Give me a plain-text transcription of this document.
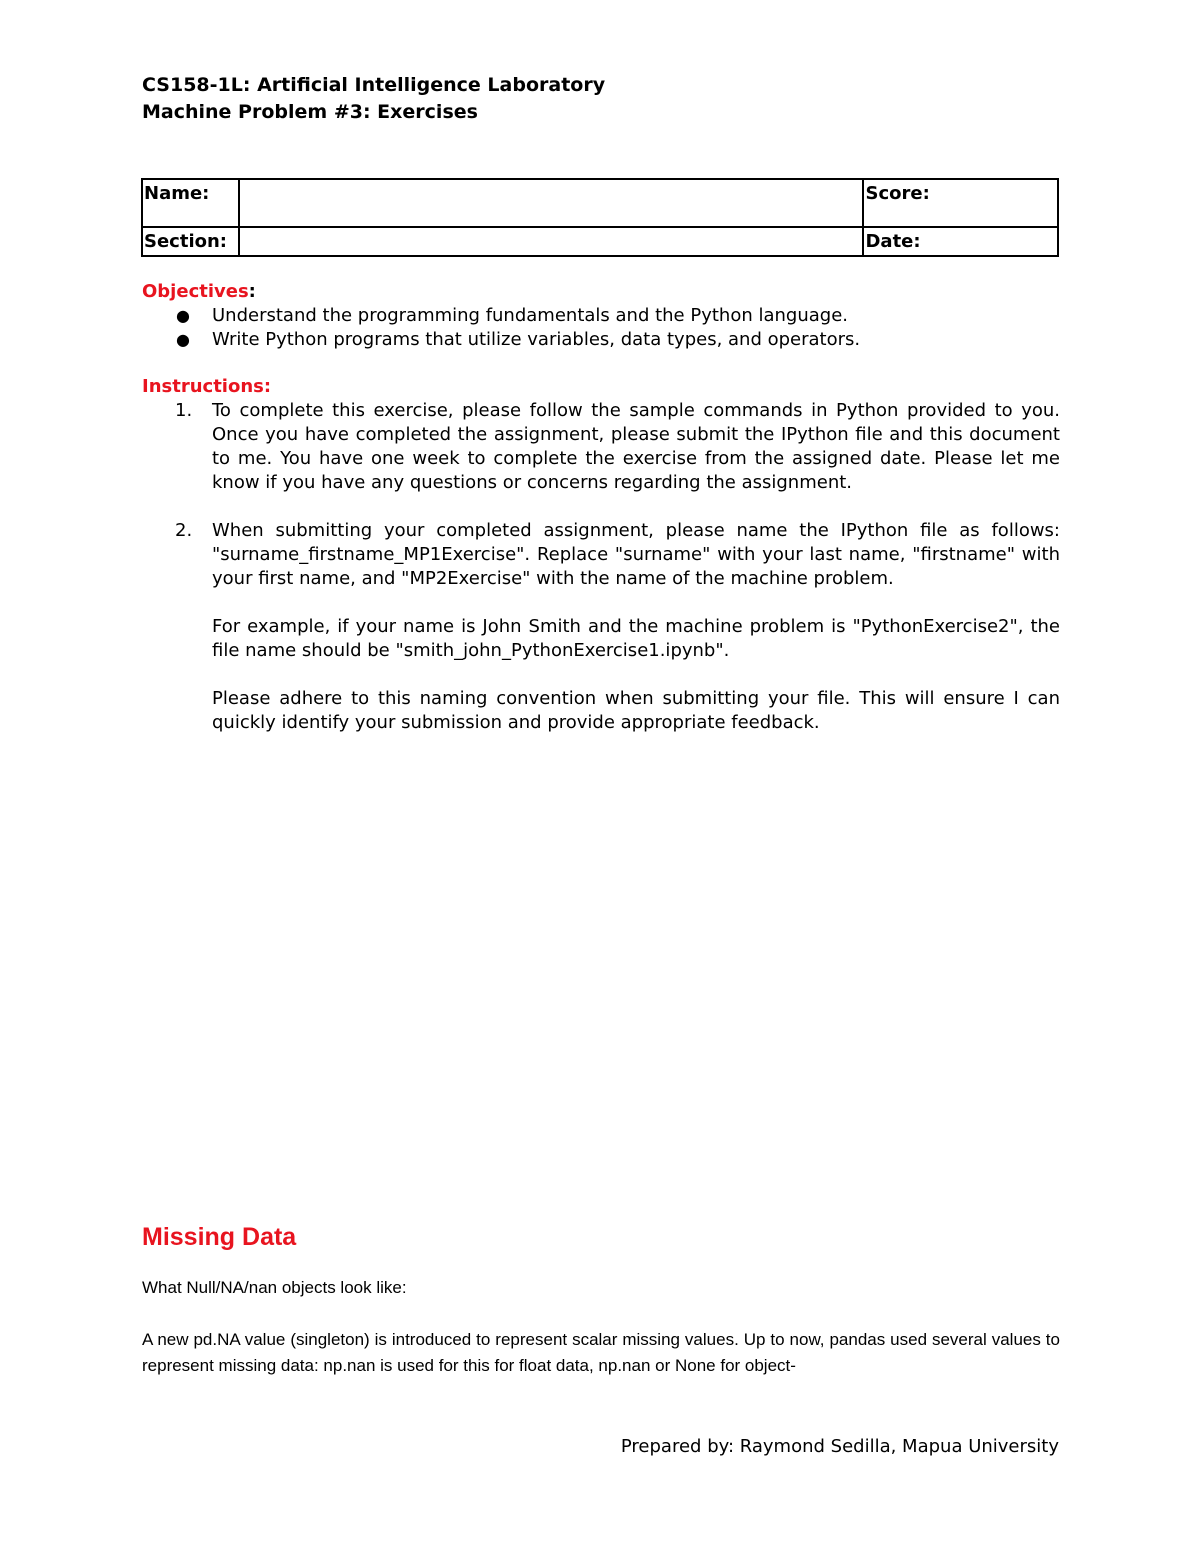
CS158-1L: Artificial Intelligence Laboratory
Machine Problem #3: Exercises
Name:		Score:
Section:		Date:
Objectives:
● Understand the programming fundamentals and the Python language.
● Write Python programs that utilize variables, data types, and operators.
Instructions:
1. To complete this exercise, please follow the sample commands in Python provided to you. Once you have completed the assignment, please submit the IPython file and this document to me. You have one week to complete the exercise from the assigned date. Please let me know if you have any questions or concerns regarding the assignment.

2. When submitting your completed assignment, please name the IPython file as follows: "surname_firstname_MP1Exercise". Replace "surname" with your last name, "firstname" with your first name, and "MP2Exercise" with the name of the machine problem.

For example, if your name is John Smith and the machine problem is "PythonExercise2", the file name should be "smith_john_PythonExercise1.ipynb".

Please adhere to this naming convention when submitting your file. This will ensure I can quickly identify your submission and provide appropriate feedback.

Missing Data

What Null/NA/nan objects look like:

A new pd.NA value (singleton) is introduced to represent scalar missing values. Up to now, pandas used several values to represent missing data: np.nan is used for this for float data, np.nan or None for object-

Prepared by: Raymond Sedilla, Mapua University
